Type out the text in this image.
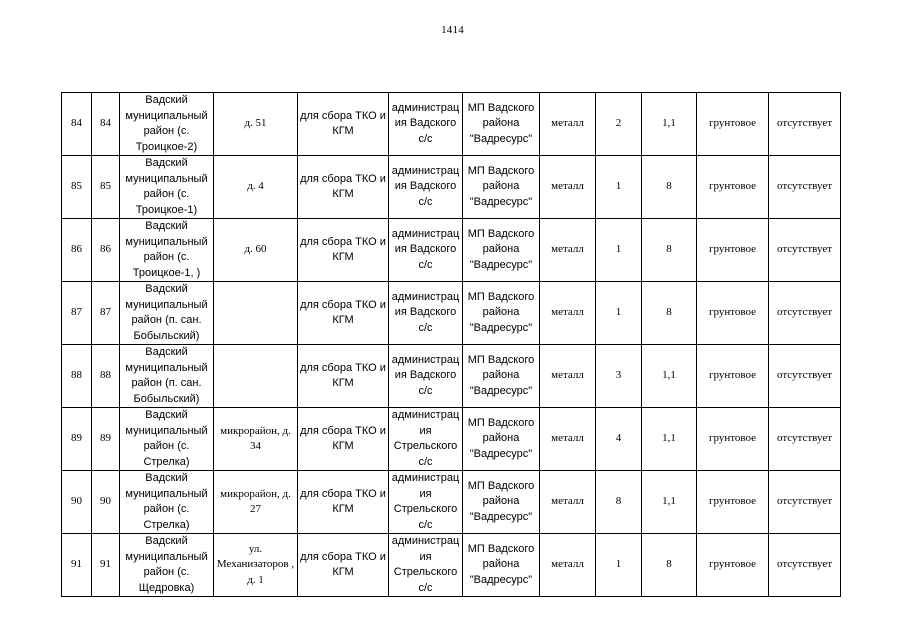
1414
84	84	Вадский муниципальный район (с. Троицкое-2)	д. 51	для сбора ТКО и КГМ	администрац ия Вадского с/с	МП Вадского района "Вадресурс"	металл	2	1,1	грунтовое	отсутствует
85	85	Вадский муниципальный район (с. Троицкое-1)	д. 4	для сбора ТКО и КГМ	администрац ия Вадского с/с	МП Вадского района "Вадресурс"	металл	1	8	грунтовое	отсутствует
86	86	Вадский муниципальный район (с. Троицкое-1, )	д. 60	для сбора ТКО и КГМ	администрац ия Вадского с/с	МП Вадского района "Вадресурс"	металл	1	8	грунтовое	отсутствует
87	87	Вадский муниципальный район (п. сан. Бобыльский)		для сбора ТКО и КГМ	администрац ия Вадского с/с	МП Вадского района "Вадресурс"	металл	1	8	грунтовое	отсутствует
88	88	Вадский муниципальный район (п. сан. Бобыльский)		для сбора ТКО и КГМ	администрац ия Вадского с/с	МП Вадского района "Вадресурс"	металл	3	1,1	грунтовое	отсутствует
89	89	Вадский муниципальный район (с. Стрелка)	микрорайон, д. 34	для сбора ТКО и КГМ	администрац ия Стрельского с/с	МП Вадского района "Вадресурс"	металл	4	1,1	грунтовое	отсутствует
90	90	Вадский муниципальный район (с. Стрелка)	микрорайон, д. 27	для сбора ТКО и КГМ	администрац ия Стрельского с/с	МП Вадского района "Вадресурс"	металл	8	1,1	грунтовое	отсутствует
91	91	Вадский муниципальный район (с. Щедровка)	ул. Механизаторов , д. 1	для сбора ТКО и КГМ	администрац ия Стрельского с/с	МП Вадского района "Вадресурс"	металл	1	8	грунтовое	отсутствует
